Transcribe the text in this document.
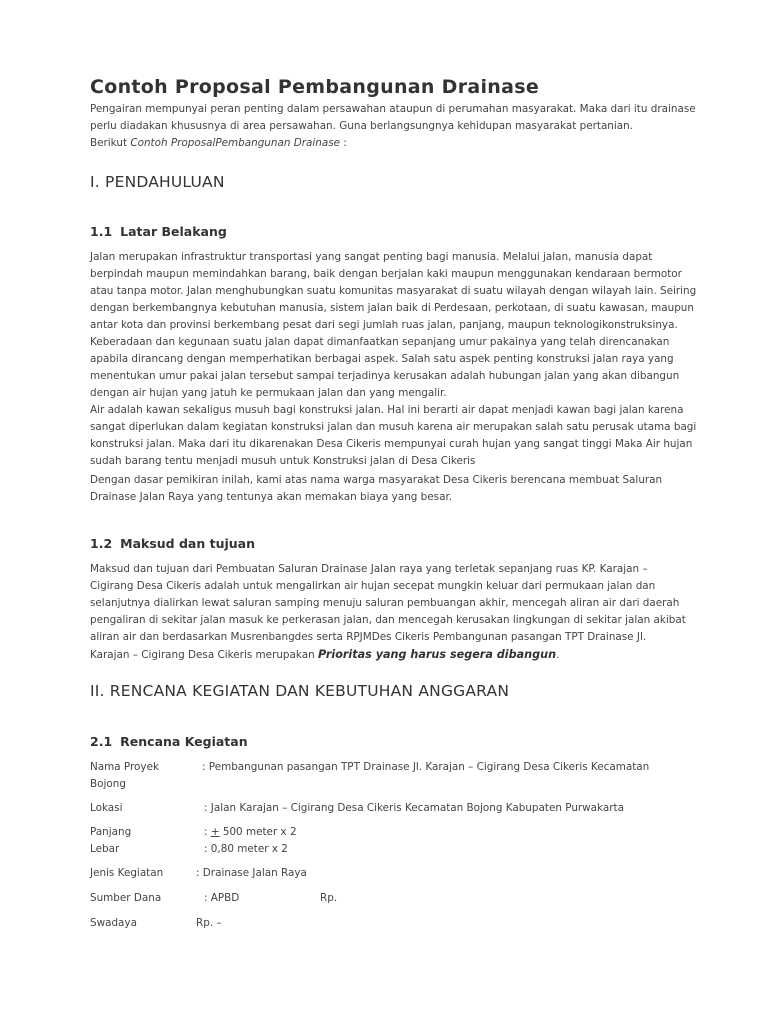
Contoh Proposal Pembangunan Drainase
Pengairan mempunyai peran penting dalam persawahan ataupun di perumahan masyarakat. Maka dari itu drainase
perlu diadakan khususnya di area persawahan. Guna berlangsungnya kehidupan masyarakat pertanian.
Berikut Contoh ProposalPembangunan Drainase :
I. PENDAHULUAN
1.1 Latar Belakang
Jalan merupakan infrastruktur transportasi yang sangat penting bagi manusia. Melalui jalan, manusia dapat
berpindah maupun memindahkan barang, baik dengan berjalan kaki maupun menggunakan kendaraan bermotor
atau tanpa motor. Jalan menghubungkan suatu komunitas masyarakat di suatu wilayah dengan wilayah lain. Seiring
dengan berkembangnya kebutuhan manusia, sistem jalan baik di Perdesaan, perkotaan, di suatu kawasan, maupun
antar kota dan provinsi berkembang pesat dari segi jumlah ruas jalan, panjang, maupun teknologikonstruksinya.
Keberadaan dan kegunaan suatu jalan dapat dimanfaatkan sepanjang umur pakainya yang telah direncanakan
apabila dirancang dengan memperhatikan berbagai aspek. Salah satu aspek penting konstruksi jalan raya yang
menentukan umur pakai jalan tersebut sampai terjadinya kerusakan adalah hubungan jalan yang akan dibangun
dengan air hujan yang jatuh ke permukaan jalan dan yang mengalir.
Air adalah kawan sekaligus musuh bagi konstruksi jalan. Hal ini berarti air dapat menjadi kawan bagi jalan karena
sangat diperlukan dalam kegiatan konstruksi jalan dan musuh karena air merupakan salah satu perusak utama bagi
konstruksi jalan. Maka dari itu dikarenakan Desa Cikeris mempunyai curah hujan yang sangat tinggi Maka Air hujan
sudah barang tentu menjadi musuh untuk Konstruksi jalan di Desa Cikeris
Dengan dasar pemikiran inilah, kami atas nama warga masyarakat Desa Cikeris berencana membuat Saluran
Drainase Jalan Raya yang tentunya akan memakan biaya yang besar.
1.2 Maksud dan tujuan
Maksud dan tujuan dari Pembuatan Saluran Drainase Jalan raya yang terletak sepanjang ruas KP. Karajan –
Cigirang Desa Cikeris adalah untuk mengalirkan air hujan secepat mungkin keluar dari permukaan jalan dan
selanjutnya dialirkan lewat saluran samping menuju saluran pembuangan akhir, mencegah aliran air dari daerah
pengaliran di sekitar jalan masuk ke perkerasan jalan, dan mencegah kerusakan lingkungan di sekitar jalan akibat
aliran air dan berdasarkan Musrenbangdes serta RPJMDes Cikeris Pembangunan pasangan TPT Drainase Jl.
Karajan – Cigirang Desa Cikeris merupakan Prioritas yang harus segera dibangun.
II. RENCANA KEGIATAN DAN KEBUTUHAN ANGGARAN
2.1 Rencana Kegiatan
Nama Proyek	: Pembangunan pasangan TPT Drainase Jl. Karajan – Cigirang Desa Cikeris Kecamatan
Bojong
Lokasi	: Jalan Karajan – Cigirang Desa Cikeris Kecamatan Bojong Kabupaten Purwakarta
Panjang	: + 500 meter x 2
Lebar	: 0,80 meter x 2
Jenis Kegiatan	: Drainase Jalan Raya
Sumber Dana	: APBD	Rp.
Swadaya	Rp. –
